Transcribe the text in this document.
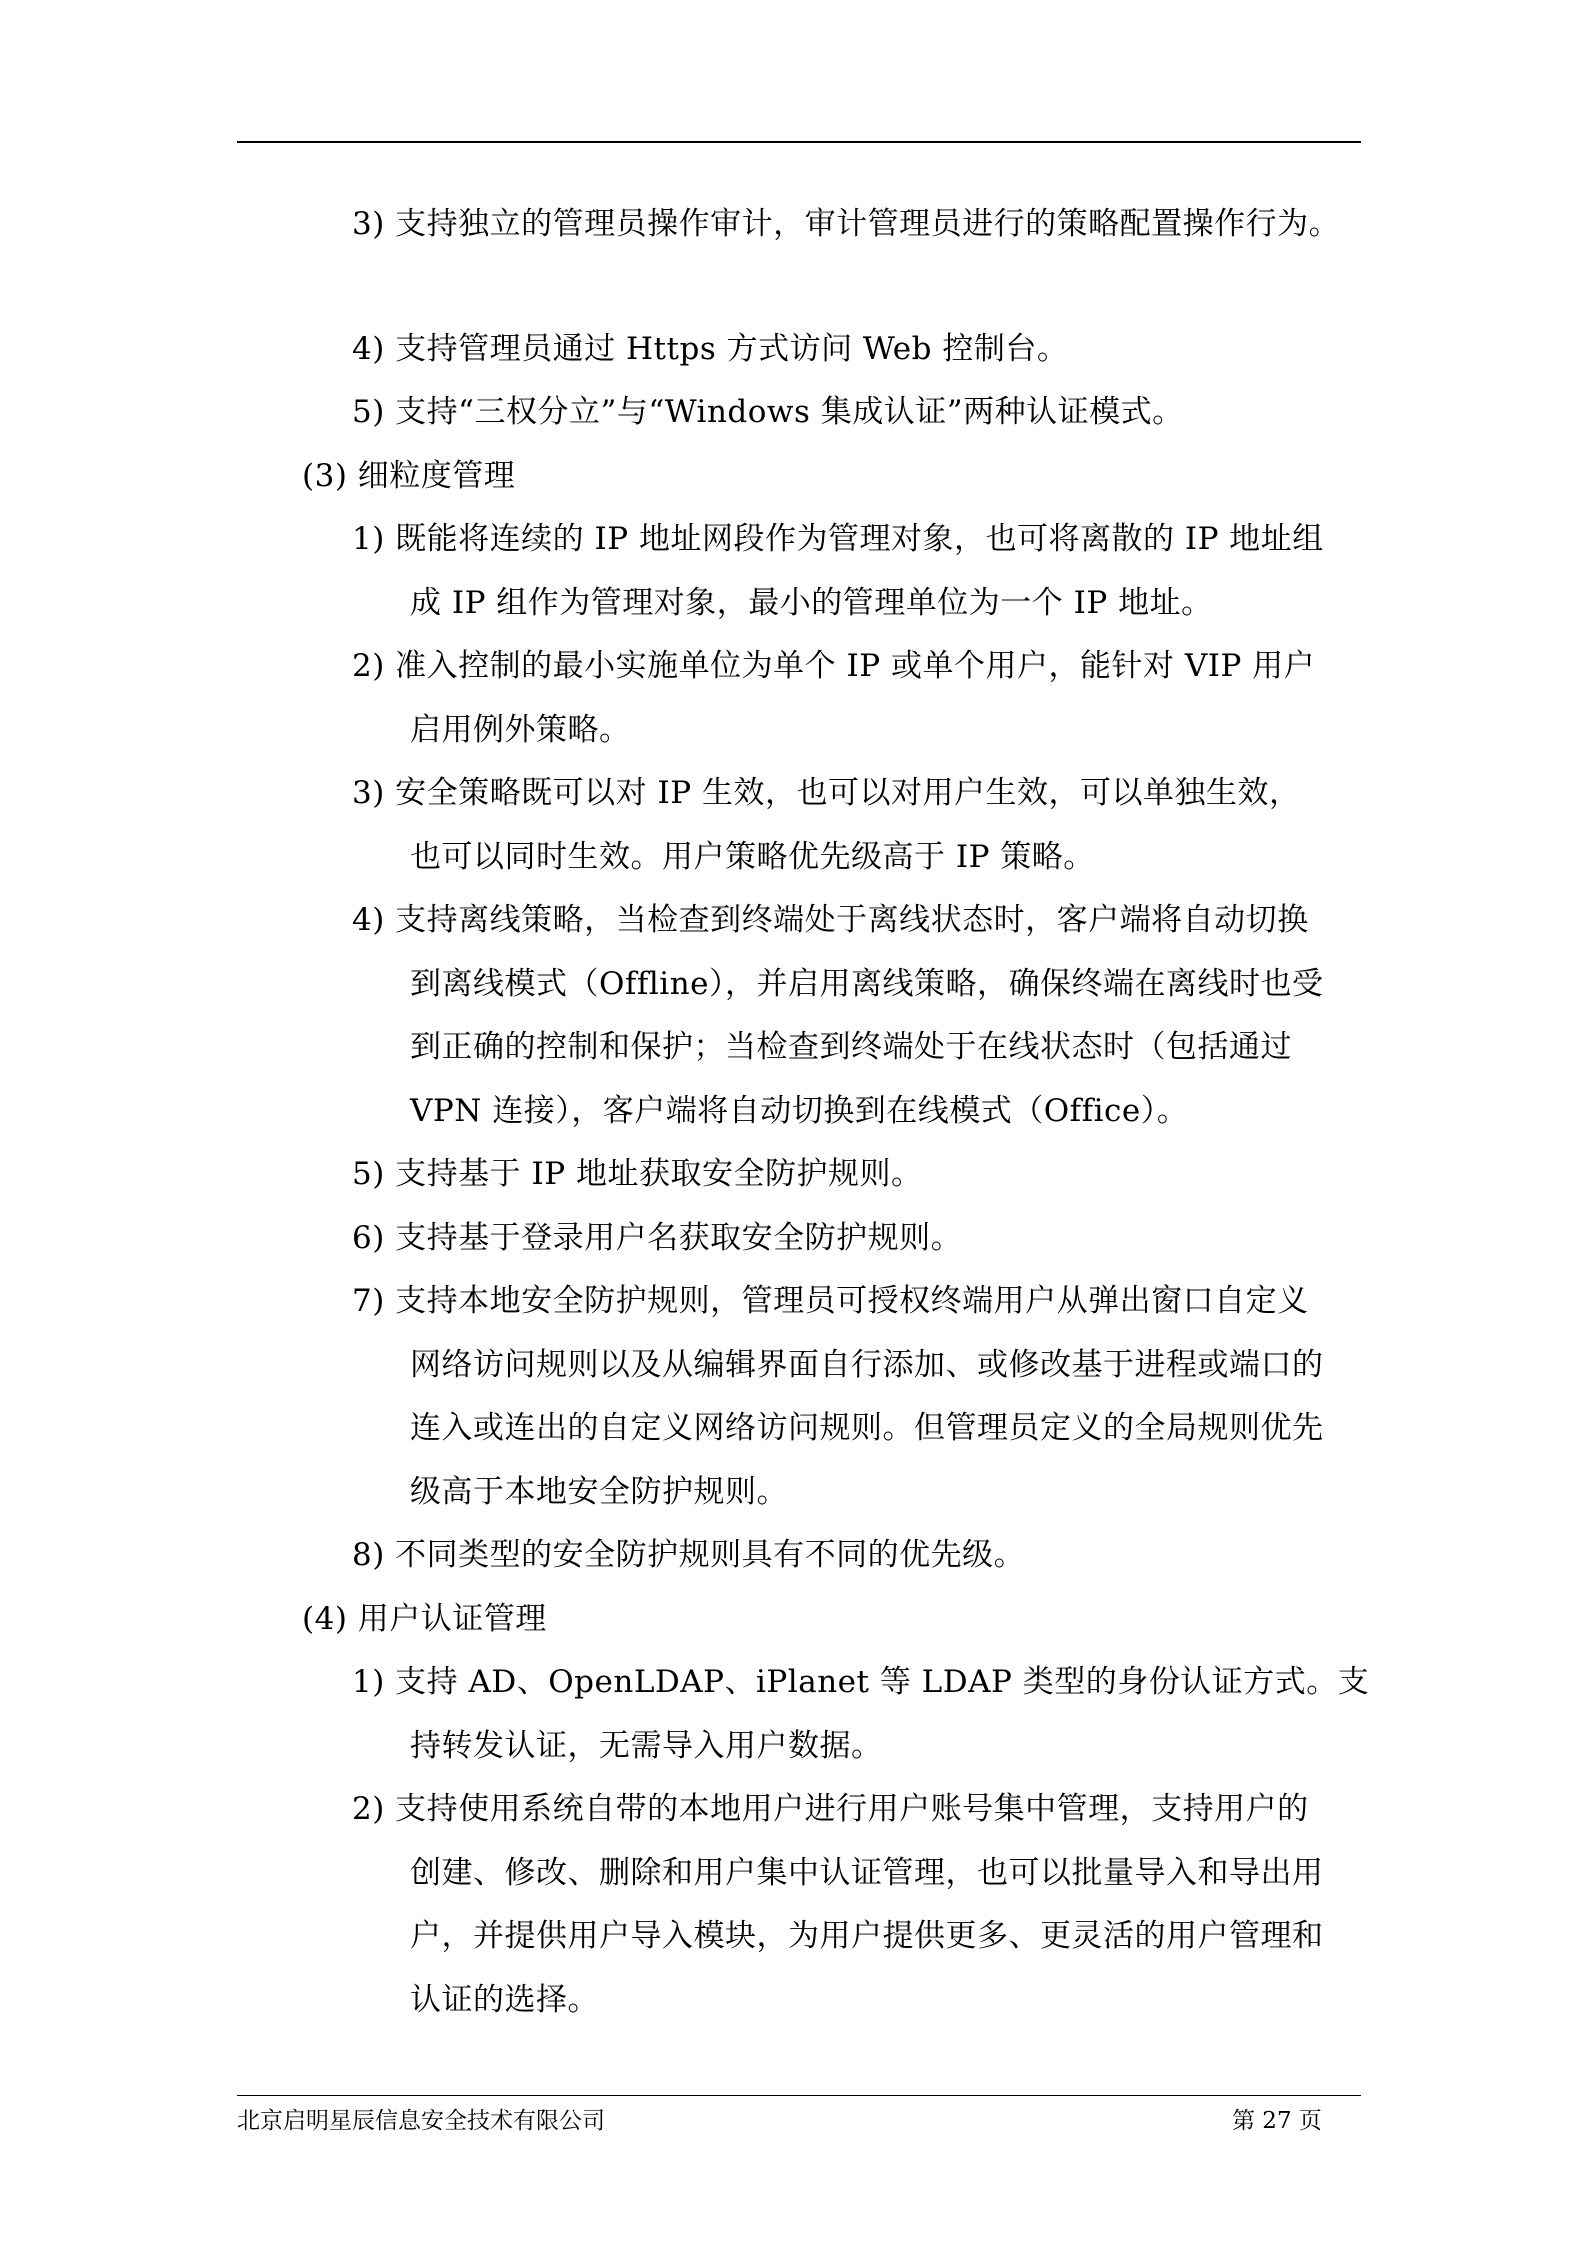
3) 支持独立的管理员操作审计，审计管理员进行的策略配置操作行为。
4) 支持管理员通过 Https 方式访问 Web 控制台。
5) 支持“三权分立”与“Windows 集成认证”两种认证模式。
(3) 细粒度管理
1) 既能将连续的 IP 地址网段作为管理对象，也可将离散的 IP 地址组
成 IP 组作为管理对象，最小的管理单位为一个 IP 地址。
2) 准入控制的最小实施单位为单个 IP 或单个用户，能针对 VIP 用户
启用例外策略。
3) 安全策略既可以对 IP 生效，也可以对用户生效，可以单独生效，
也可以同时生效。用户策略优先级高于 IP 策略。
4) 支持离线策略，当检查到终端处于离线状态时，客户端将自动切换
到离线模式（Offline），并启用离线策略，确保终端在离线时也受
到正确的控制和保护；当检查到终端处于在线状态时（包括通过
VPN 连接），客户端将自动切换到在线模式（Office）。
5) 支持基于 IP 地址获取安全防护规则。
6) 支持基于登录用户名获取安全防护规则。
7) 支持本地安全防护规则，管理员可授权终端用户从弹出窗口自定义
网络访问规则以及从编辑界面自行添加、或修改基于进程或端口的
连入或连出的自定义网络访问规则。但管理员定义的全局规则优先
级高于本地安全防护规则。
8) 不同类型的安全防护规则具有不同的优先级。
(4) 用户认证管理
1) 支持 AD、OpenLDAP、iPlanet 等 LDAP 类型的身份认证方式。支
持转发认证，无需导入用户数据。
2) 支持使用系统自带的本地用户进行用户账号集中管理，支持用户的
创建、修改、删除和用户集中认证管理，也可以批量导入和导出用
户，并提供用户导入模块，为用户提供更多、更灵活的用户管理和
认证的选择。
北京启明星辰信息安全技术有限公司	第 27 页
